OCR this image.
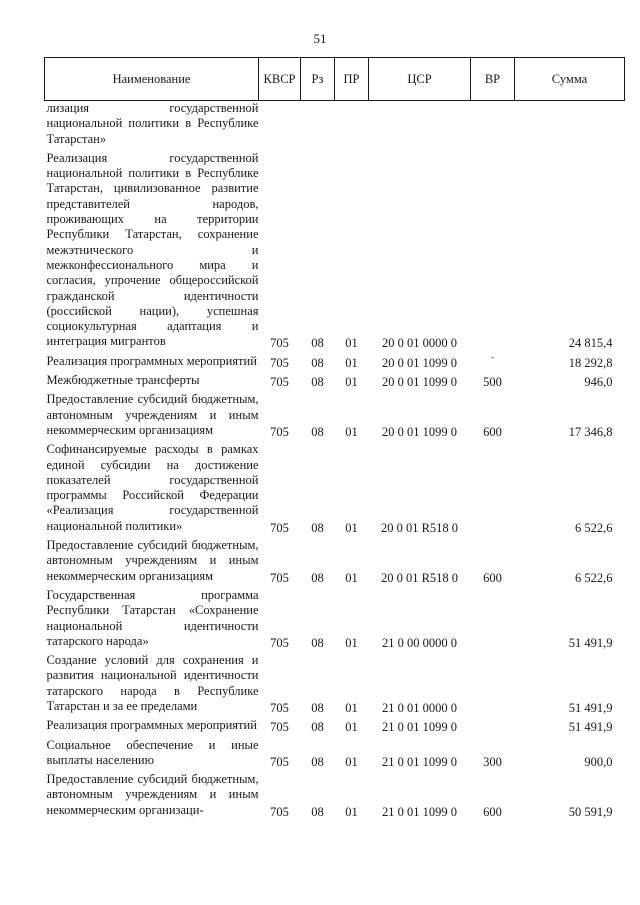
51
Наименование	КВСР	Рз	ПР	ЦСР	ВР	Сумма
лизация государственной национальной политики в Республике Татарстан»						
Реализация государственной национальной политики в Республике Татарстан, цивилизованное развитие представителей народов, проживающих на территории Республики Татарстан, сохранение межэтнического и межконфессионального мира и согласия, упрочение общероссийской гражданской идентичности (российской нации), успешная социокультурная адаптация и интеграция мигрантов	705	08	01	20 0 01 0000 0		24 815,4
Реализация программных мероприятий	705	08	01	20 0 01 1099 0	-	18 292,8
Межбюджетные трансферты	705	08	01	20 0 01 1099 0	500	946,0
Предоставление субсидий бюджетным, автономным учреждениям и иным некоммерческим организациям	705	08	01	20 0 01 1099 0	600	17 346,8
Софинансируемые расходы в рамках единой субсидии на достижение показателей государственной программы Российской Федерации «Реализация государственной национальной политики»	705	08	01	20 0 01 R518 0		6 522,6
Предоставление субсидий бюджетным, автономным учреждениям и иным некоммерческим организациям	705	08	01	20 0 01 R518 0	600	6 522,6
Государственная программа Республики Татарстан «Сохранение национальной идентичности татарского народа»	705	08	01	21 0 00 0000 0		51 491,9
Создание условий для сохранения и развития национальной идентичности татарского народа в Республике Татарстан и за ее пределами	705	08	01	21 0 01 0000 0		51 491,9
Реализация программных мероприятий	705	08	01	21 0 01 1099 0		51 491,9
Социальное обеспечение и иные выплаты населению	705	08	01	21 0 01 1099 0	300	900,0
Предоставление субсидий бюджетным, автономным учреждениям и иным некоммерческим организаци-	705	08	01	21 0 01 1099 0	600	50 591,9
